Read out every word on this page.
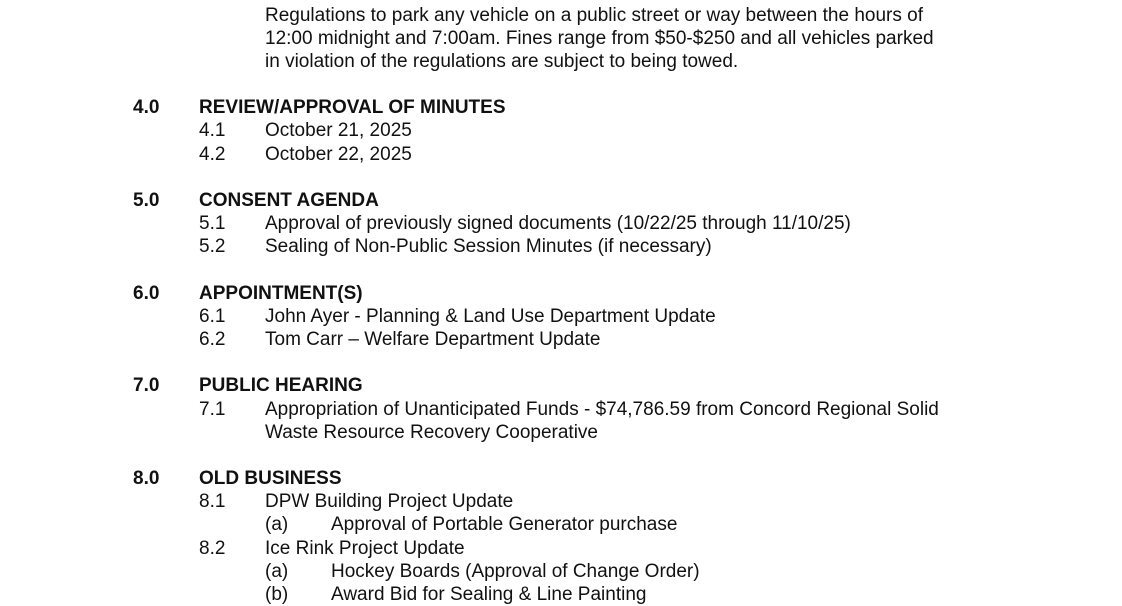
Regulations to park any vehicle on a public street or way between the hours of
12:00 midnight and 7:00am. Fines range from $50-$250 and all vehicles parked
in violation of the regulations are subject to being towed.
4.0 REVIEW/APPROVAL OF MINUTES
4.1 October 21, 2025
4.2 October 22, 2025
5.0 CONSENT AGENDA
5.1 Approval of previously signed documents (10/22/25 through 11/10/25)
5.2 Sealing of Non-Public Session Minutes (if necessary)
6.0 APPOINTMENT(S)
6.1 John Ayer - Planning & Land Use Department Update
6.2 Tom Carr – Welfare Department Update
7.0 PUBLIC HEARING
7.1 Appropriation of Unanticipated Funds - $74,786.59 from Concord Regional Solid
Waste Resource Recovery Cooperative
8.0 OLD BUSINESS
8.1 DPW Building Project Update
(a) Approval of Portable Generator purchase
8.2 Ice Rink Project Update
(a) Hockey Boards (Approval of Change Order)
(b) Award Bid for Sealing & Line Painting
